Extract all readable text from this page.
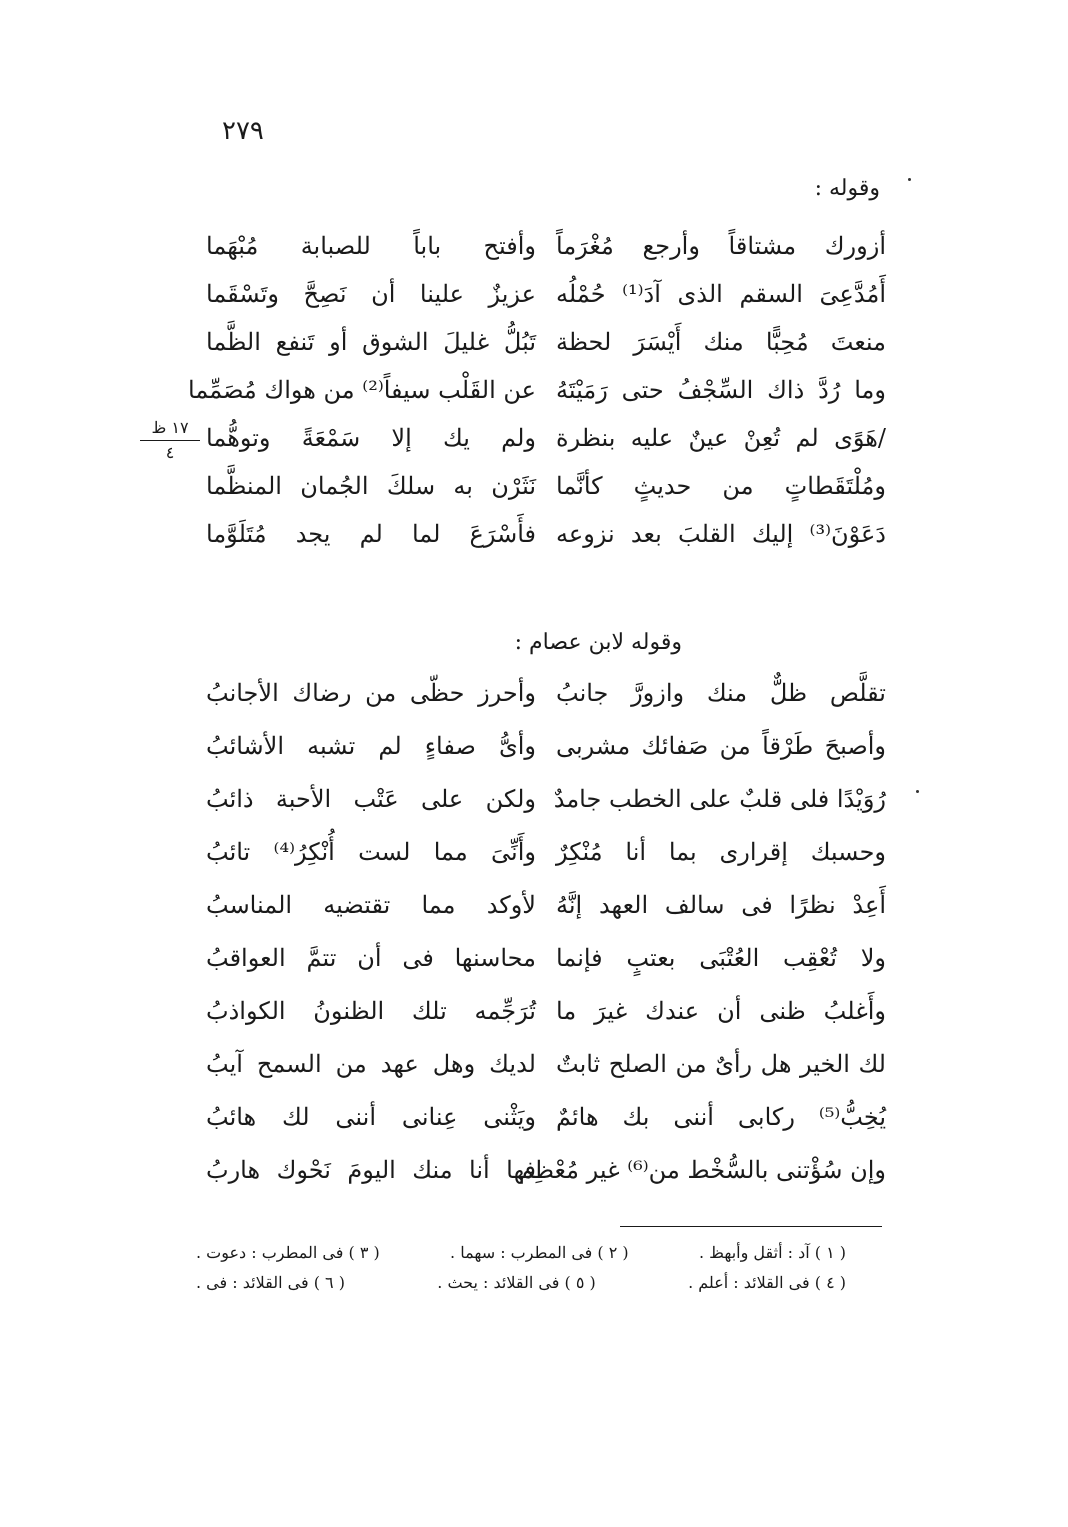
٢٧٩
وقوله :
أزورك مشتاقاً وأرجع مُغْرَماً
وأفتح باباً للصبابة مُبْهَما
أَمُدَّعِىَ السقم الذى آدَ⁽¹⁾ حُمْلُه
عزيزٌ علينا أن نَصِحَّ وتَسْقَما
منعتَ مُحِبًّا منك أَيْسَرَ لحظة
تَبُلُّ غليلَ الشوق أو تَنفع الظَّما
وما رُدَّ ذاك السِّجْفُ حتى رَمَيْتَهُ
عن القَلْب سيفاً⁽²⁾ من هواك مُصَمِّما
/هَوًى لم تُعِنْ عينٌ عليه بنظرة
ولم يك إلا سَمْعَةً وتوهُّما
ومُلْتَقَطاتٍ من حديثٍ كأنَّما
نَثَرْن به سلكَ الجُمان المنظَّما
دَعَوْنَ⁽³⁾ إليك القلبَ بعد نزوعه
فأَسْرَعَ لما لم يجد مُتَلَوَّما
١٧ ظ
٤
وقوله لابن عصام :
تقلَّص ظلٌّ منك وازورَّ جانبُ
وأحرز حظّى من رضاك الأجانبُ
وأصبحَ طَرْقاً من صَفائك مشربى
وأىُّ صفاءٍ لم تشبه الأشائبُ
رُوَيْدًا فلى قلبٌ على الخطب جامدٌ
ولكن على عَتْب الأحبة ذائبُ
وحسبك إقرارى بما أنا مُنْكِرٌ
وأَنِّىَ مما لست أُنْكِرُ⁽⁴⁾ تائبُ
أَعِدْ نظرًا فى سالف العهد إنَّهُ
لأوكد مما تقتضيه المناسبُ
ولا تُعْقِب العُتْبَى بعتبٍ فإنما
محاسنها فى أن تتمَّ العواقبُ
وأَغلبُ ظنى أن عندك غيرَ ما
تُرَجِّمه تلك الظنونُ الكواذبُ
لك الخير هل رأىٌ من الصلح ثابتٌ
لديك وهل عهد من السمح آيبُ
يُخِبُّ⁽⁵⁾ ركابى أننى بك هائمٌ
ويَثْنى عِنانى أننى لك هائبُ
وإن سُؤْتنى بالسُّخْط من⁽⁶⁾ غير مُعْظِم
فها أنا منك اليومَ نَحْوك هاربُ
( ١ ) آد : أثقل وأبهظ .
( ٢ ) فى المطرب : سهما .
( ٣ ) فى المطرب : دعوت .
( ٤ ) فى القلائد : أعلم .
( ٥ ) فى القلائد : يحث .
( ٦ ) فى القلائد : فى .
